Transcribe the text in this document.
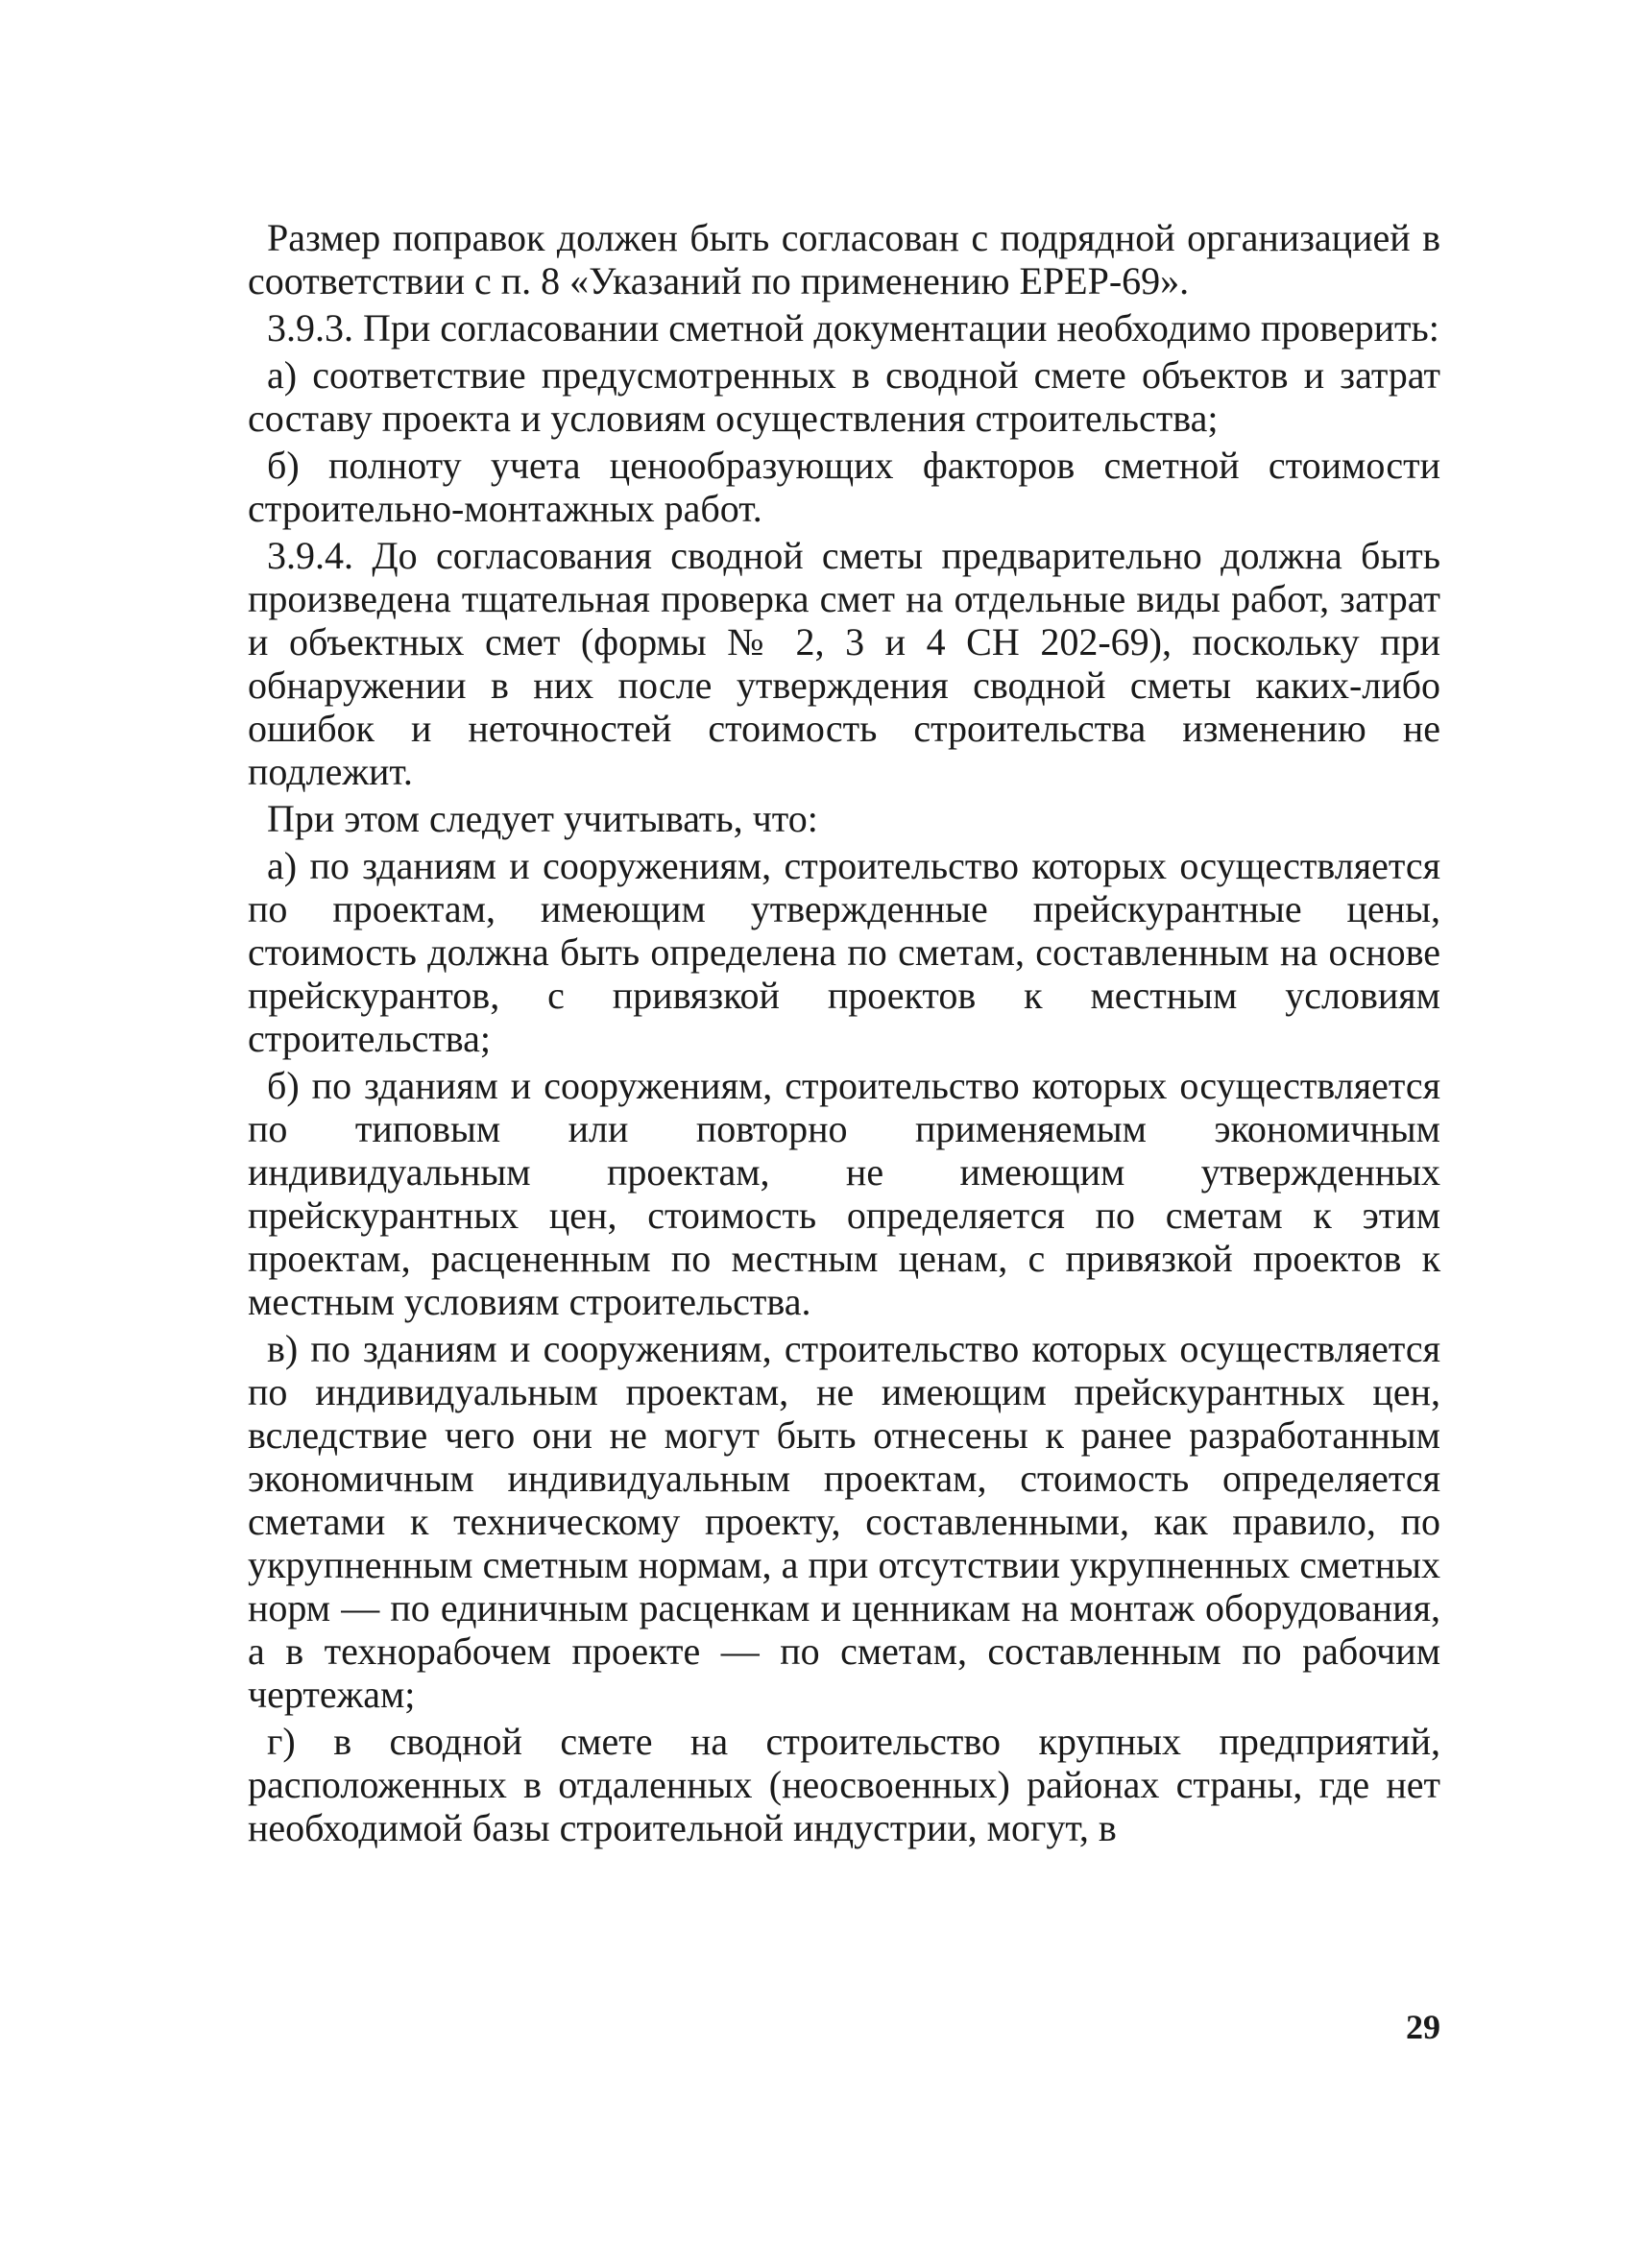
Размер поправок должен быть согласован с подрядной организацией в соответствии с п. 8 «Указаний по применению ЕРЕР-69».

3.9.3. При согласовании сметной документации необходимо проверить:

а) соответствие предусмотренных в сводной смете объектов и затрат составу проекта и условиям осуществления строительства;

б) полноту учета ценообразующих факторов сметной стоимости строительно-монтажных работ.

3.9.4. До согласования сводной сметы предварительно должна быть произведена тщательная проверка смет на отдельные виды работ, затрат и объектных смет (формы № 2, 3 и 4 СН 202-69), поскольку при обнаружении в них после утверждения сводной сметы каких-либо ошибок и неточностей стоимость строительства изменению не подлежит.

При этом следует учитывать, что:

а) по зданиям и сооружениям, строительство которых осуществляется по проектам, имеющим утвержденные прейскурантные цены, стоимость должна быть определена по сметам, составленным на основе прейскурантов, с привязкой проектов к местным условиям строительства;

б) по зданиям и сооружениям, строительство которых осуществляется по типовым или повторно применяемым экономичным индивидуальным проектам, не имеющим утвержденных прейскурантных цен, стоимость определяется по сметам к этим проектам, расцененным по местным ценам, с привязкой проектов к местным условиям строительства.

в) по зданиям и сооружениям, строительство которых осуществляется по индивидуальным проектам, не имеющим прейскурантных цен, вследствие чего они не могут быть отнесены к ранее разработанным экономичным индивидуальным проектам, стоимость определяется сметами к техническому проекту, составленными, как правило, по укрупненным сметным нормам, а при отсутствии укрупненных сметных норм — по единичным расценкам и ценникам на монтаж оборудования, а в техноpабочем проекте — по сметам, составленным по рабочим чертежам;

г) в сводной смете на строительство крупных предприятий, расположенных в отдаленных (неосвоенных) районах страны, где нет необходимой базы строительной индустрии, могут, в

29
